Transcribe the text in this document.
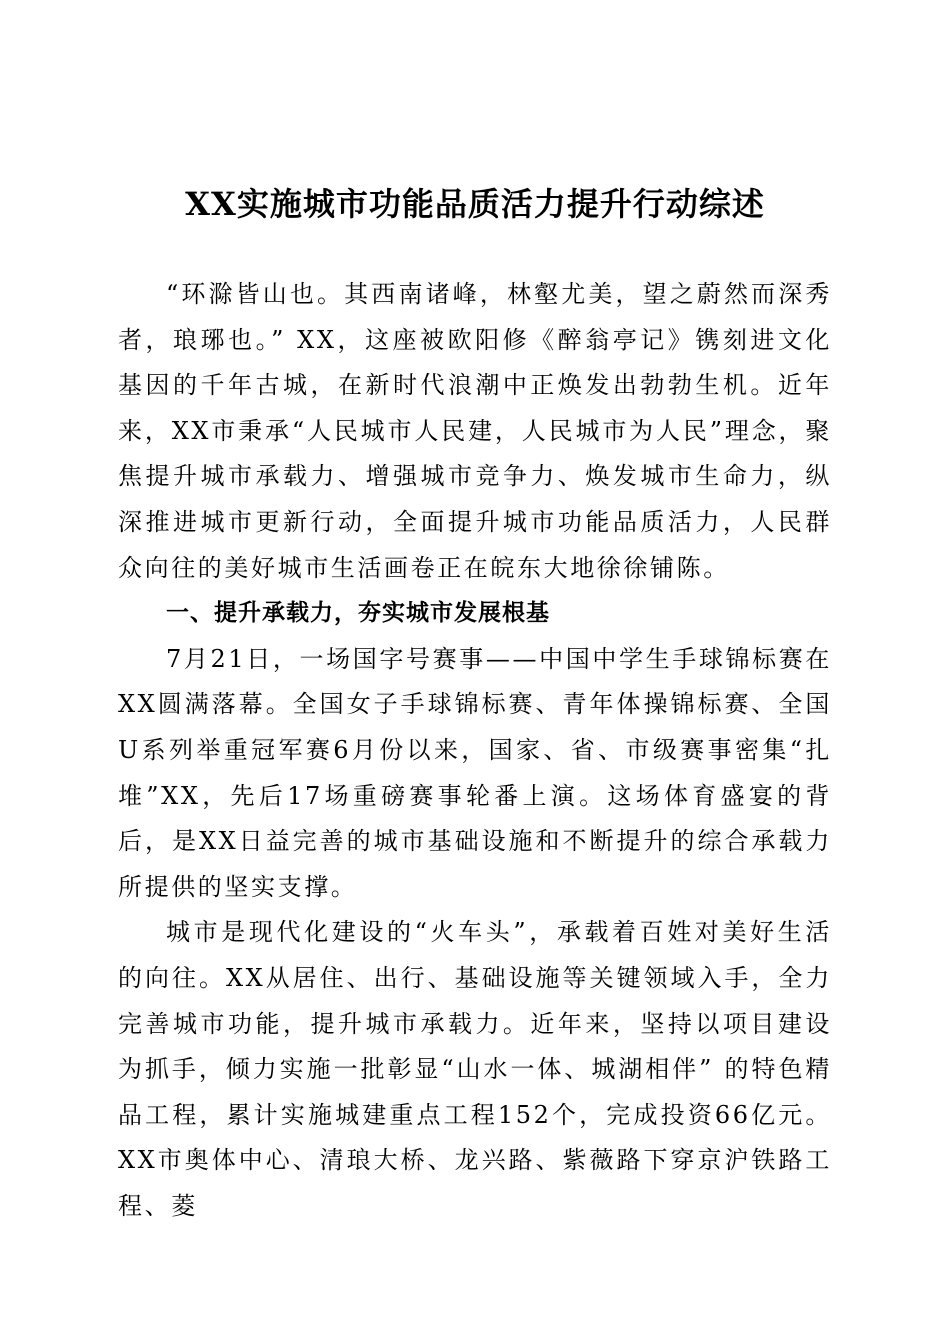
XX实施城市功能品质活力提升行动综述

“环滁皆山也。其西南诸峰，林壑尤美，望之蔚然而深秀者，琅琊也。” XX，这座被欧阳修《醉翁亭记》镌刻进文化基因的千年古城，在新时代浪潮中正焕发出勃勃生机。近年来，XX市秉承“人民城市人民建，人民城市为人民”理念，聚焦提升城市承载力、增强城市竞争力、焕发城市生命力，纵深推进城市更新行动，全面提升城市功能品质活力，人民群众向往的美好城市生活画卷正在皖东大地徐徐铺陈。

一、提升承载力，夯实城市发展根基

7月21日，一场国字号赛事——中国中学生手球锦标赛在XX圆满落幕。全国女子手球锦标赛、青年体操锦标赛、全国U系列举重冠军赛6月份以来，国家、省、市级赛事密集“扎堆”XX，先后17场重磅赛事轮番上演。这场体育盛宴的背后，是XX日益完善的城市基础设施和不断提升的综合承载力所提供的坚实支撑。

城市是现代化建设的“火车头”，承载着百姓对美好生活的向往。XX从居住、出行、基础设施等关键领域入手，全力完善城市功能，提升城市承载力。近年来，坚持以项目建设为抓手，倾力实施一批彰显“山水一体、城湖相伴” 的特色精品工程，累计实施城建重点工程152个，完成投资66亿元。XX市奥体中心、清琅大桥、龙兴路、紫薇路下穿京沪铁路工程、菱
